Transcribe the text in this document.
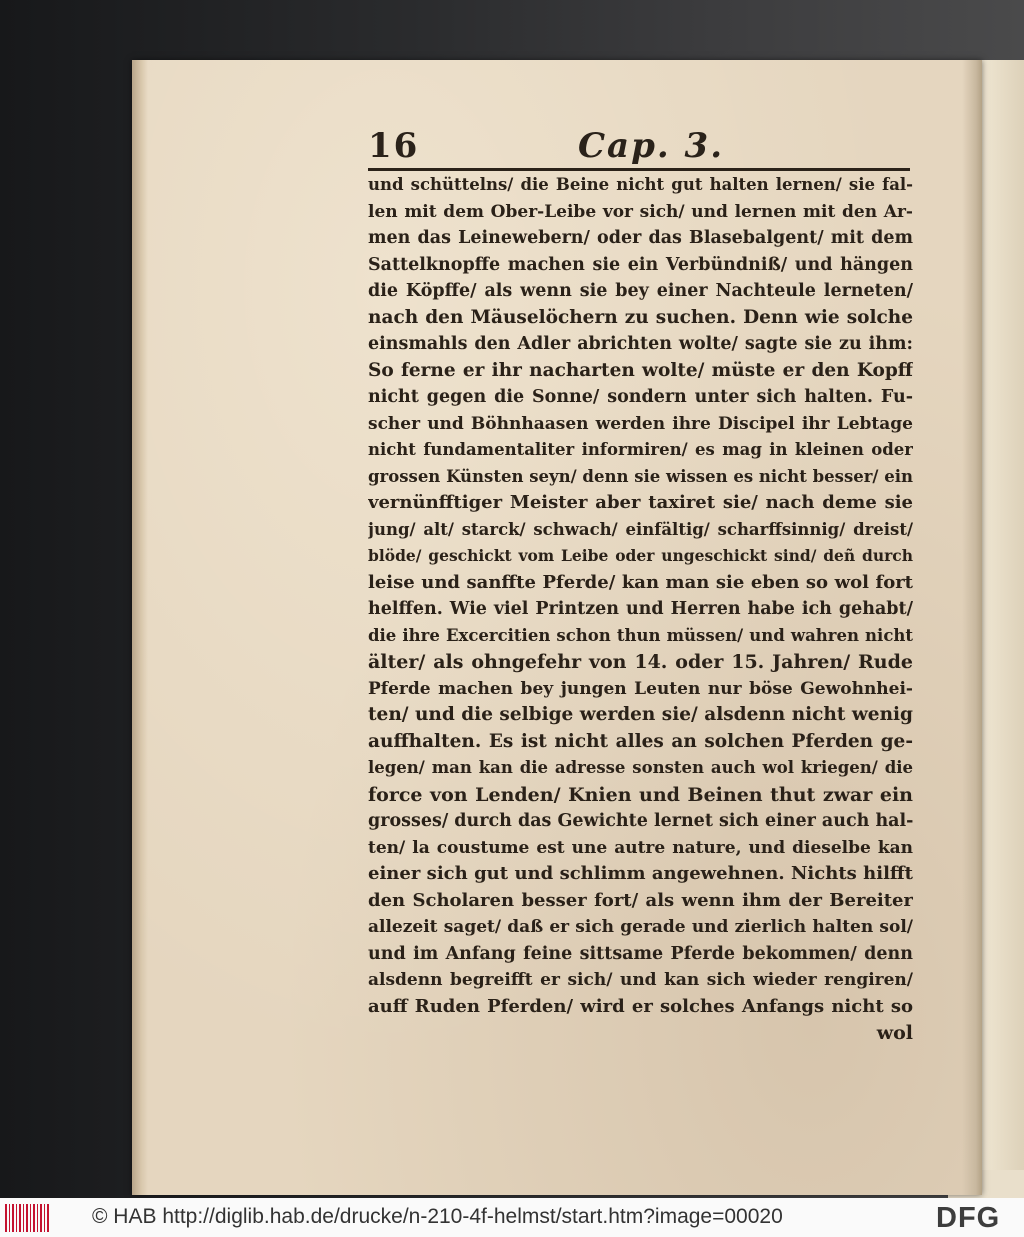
16	Cap. 3.
und schüttelns/ die Beine nicht gut halten lernen/ sie fal-
len mit dem Ober-Leibe vor sich/ und lernen mit den Ar-
men das Leinewebern/ oder das Blasebalgent/ mit dem
Sattelknopffe machen sie ein Verbündniß/ und hängen
die Köpffe/ als wenn sie bey einer Nachteule lerneten/
nach den Mäuselöchern zu suchen. Denn wie solche
einsmahls den Adler abrichten wolte/ sagte sie zu ihm:
So ferne er ihr nacharten wolte/ müste er den Kopff
nicht gegen die Sonne/ sondern unter sich halten. Fu-
scher und Böhnhaasen werden ihre Discipel ihr Lebtage
nicht fundamentaliter informiren/ es mag in kleinen oder
grossen Künsten seyn/ denn sie wissen es nicht besser/ ein
vernünfftiger Meister aber taxiret sie/ nach deme sie
jung/ alt/ starck/ schwach/ einfältig/ scharffsinnig/ dreist/
blöde/ geschickt vom Leibe oder ungeschickt sind/ deñ durch
leise und sanffte Pferde/ kan man sie eben so wol fort
helffen. Wie viel Printzen und Herren habe ich gehabt/
die ihre Excercitien schon thun müssen/ und wahren nicht
älter/ als ohngefehr von 14. oder 15. Jahren/ Rude
Pferde machen bey jungen Leuten nur böse Gewohnhei-
ten/ und die selbige werden sie/ alsdenn nicht wenig
auffhalten. Es ist nicht alles an solchen Pferden ge-
legen/ man kan die adresse sonsten auch wol kriegen/ die
force von Lenden/ Knien und Beinen thut zwar ein
grosses/ durch das Gewichte lernet sich einer auch hal-
ten/ la coustume est une autre nature, und dieselbe kan
einer sich gut und schlimm angewehnen. Nichts hilfft
den Scholaren besser fort/ als wenn ihm der Bereiter
allezeit saget/ daß er sich gerade und zierlich halten sol/
und im Anfang feine sittsame Pferde bekommen/ denn
alsdenn begreifft er sich/ und kan sich wieder rengiren/
auff Ruden Pferden/ wird er solches Anfangs nicht so
wol
© HAB http://diglib.hab.de/drucke/n-210-4f-helmst/start.htm?image=00020	DFG
